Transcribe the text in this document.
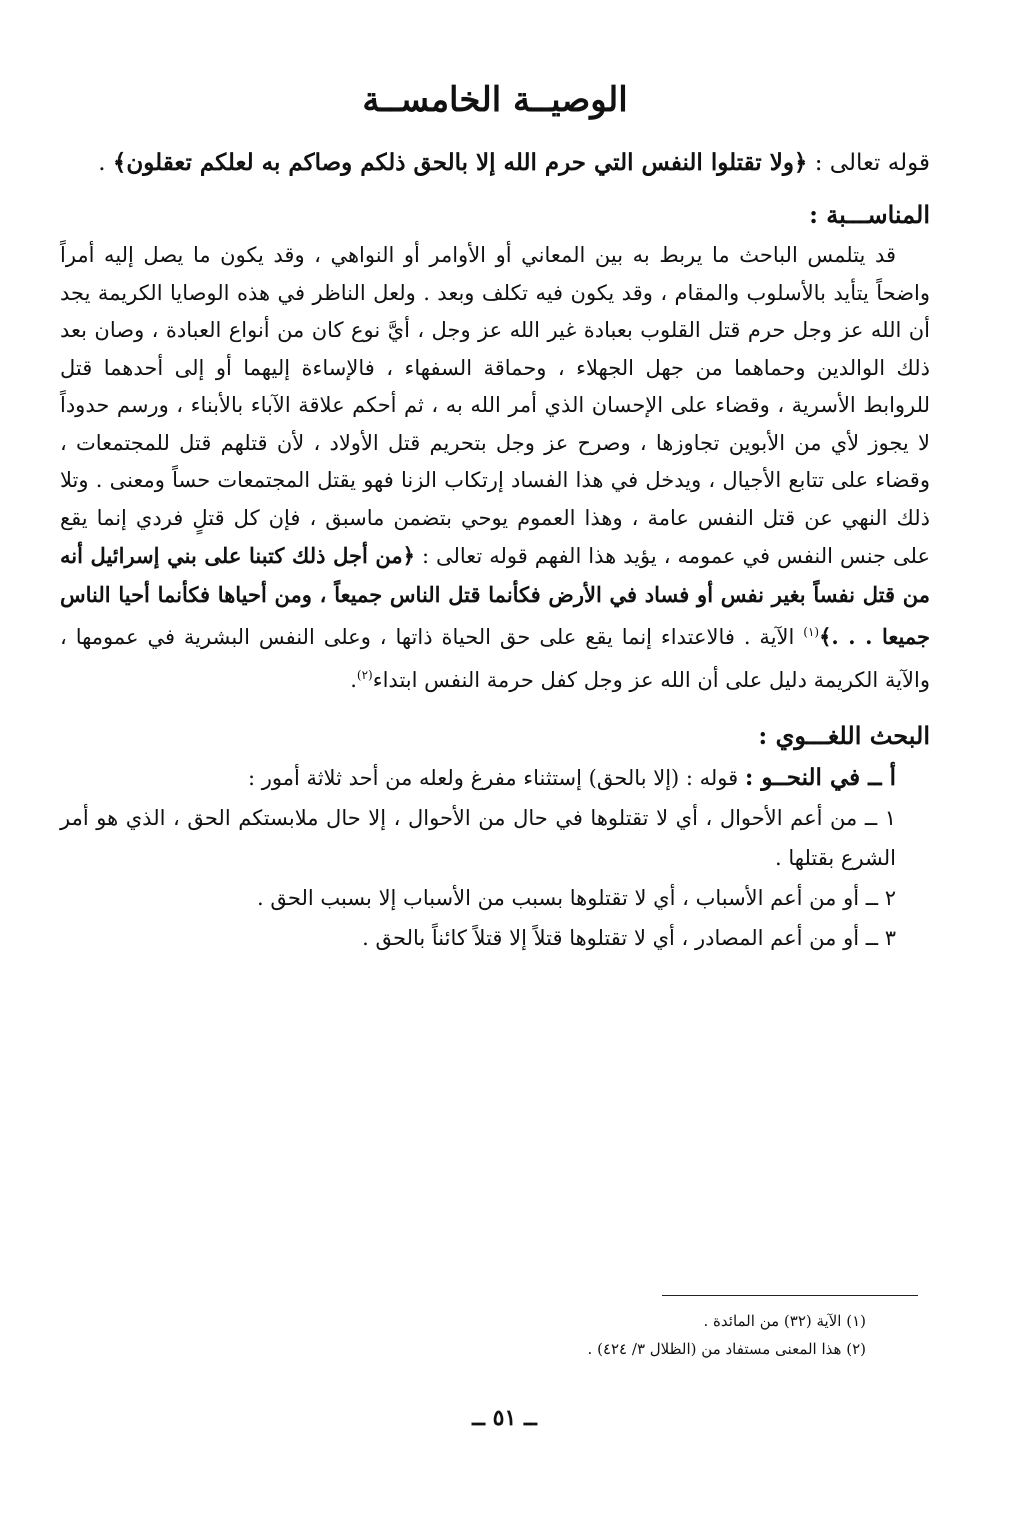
الوصيــة الخامســة

قوله تعالى : ﴿ولا تقتلوا النفس التي حرم الله إلا بالحق ذلكم وصاكم به لعلكم تعقلون﴾ .

المناســـبة :

قد يتلمس الباحث ما يربط به بين المعاني أو الأوامر أو النواهي ، وقد يكون ما يصل إليه أمراً واضحاً يتأيد بالأسلوب والمقام ، وقد يكون فيه تكلف وبعد . ولعل الناظر في هذه الوصايا الكريمة يجد أن الله عز وجل حرم قتل القلوب بعبادة غير الله عز وجل ، أيَّ نوع كان من أنواع العبادة ، وصان بعد ذلك الوالدين وحماهما من جهل الجهلاء ، وحماقة السفهاء ، فالإساءة إليهما أو إلى أحدهما قتل للروابط الأسرية ، وقضاء على الإحسان الذي أمر الله به ، ثم أحكم علاقة الآباء بالأبناء ، ورسم حدوداً لا يجوز لأي من الأبوين تجاوزها ، وصرح عز وجل بتحريم قتل الأولاد ، لأن قتلهم قتل للمجتمعات ، وقضاء على تتابع الأجيال ، ويدخل في هذا الفساد إرتكاب الزنا فهو يقتل المجتمعات حساً ومعنى . وتلا ذلك النهي عن قتل النفس عامة ، وهذا العموم يوحي بتضمن ماسبق ، فإن كل قتلٍ فردي إنما يقع على جنس النفس في عمومه ، يؤيد هذا الفهم قوله تعالى : ﴿من أجل ذلك كتبنا على بني إسرائيل أنه من قتل نفساً بغير نفس أو فساد في الأرض فكأنما قتل الناس جميعاً ، ومن أحياها فكأنما أحيا الناس جميعا . . .﴾$^{(١)}$ الآية . فالاعتداء إنما يقع على حق الحياة ذاتها ، وعلى النفس البشرية في عمومها ، والآية الكريمة دليل على أن الله عز وجل كفل حرمة النفس ابتداء$^{(٢)}$.

البحث اللغـــوي :

أ ــ في النحــو : قوله : (إلا بالحق) إستثناء مفرغ ولعله من أحد ثلاثة أمور :

١ ــ من أعم الأحوال ، أي لا تقتلوها في حال من الأحوال ، إلا حال ملابستكم الحق ، الذي هو أمر الشرع بقتلها .

٢ ــ أو من أعم الأسباب ، أي لا تقتلوها بسبب من الأسباب إلا بسبب الحق .

٣ ــ أو من أعم المصادر ، أي لا تقتلوها قتلاً إلا قتلاً كائناً بالحق .

(١) الآية (٣٢) من المائدة .
(٢) هذا المعنى مستفاد من (الظلال ٣/ ٤٢٤) .
ــ ٥١ ــ
